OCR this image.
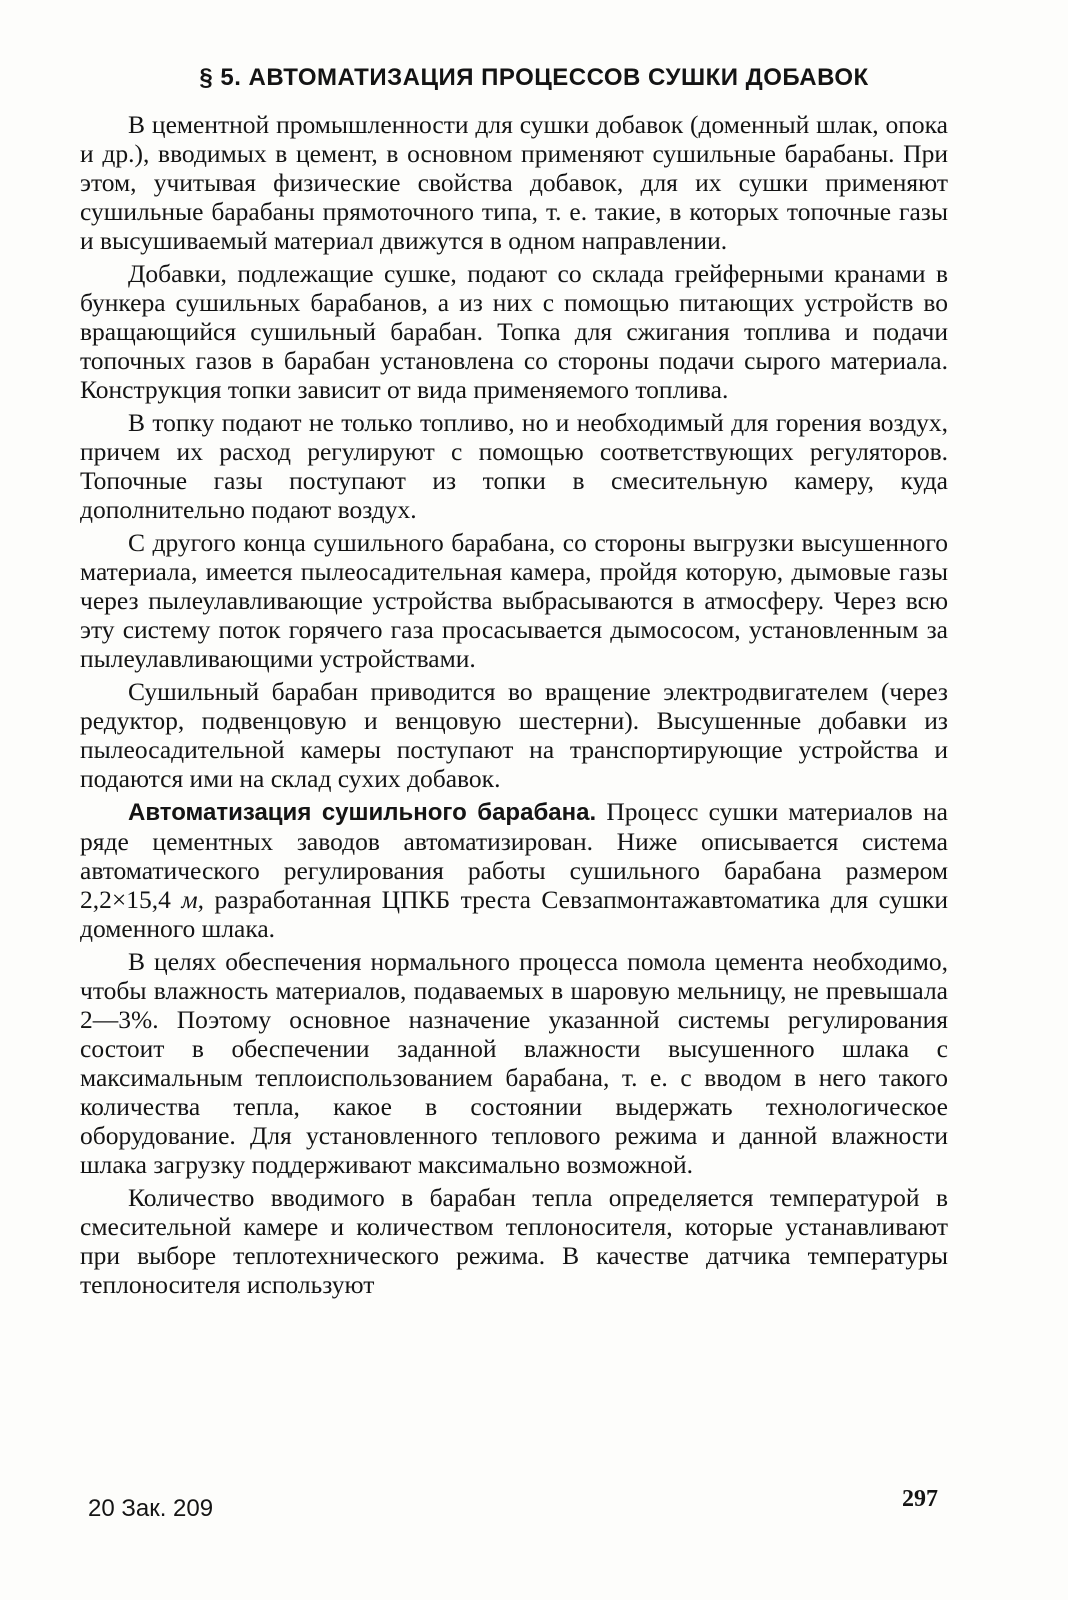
§ 5. АВТОМАТИЗАЦИЯ ПРОЦЕССОВ СУШКИ ДОБАВОК

В цементной промышленности для сушки добавок (доменный шлак, опока и др.), вводимых в цемент, в основном применяют сушильные барабаны. При этом, учитывая физические свойства добавок, для их сушки применяют сушильные барабаны прямоточного типа, т. е. такие, в которых топочные газы и высушиваемый материал движутся в одном направлении.

Добавки, подлежащие сушке, подают со склада грейферными кранами в бункера сушильных барабанов, а из них с помощью питающих устройств во вращающийся сушильный барабан. Топка для сжигания топлива и подачи топочных газов в барабан установлена со стороны подачи сырого материала. Конструкция топки зависит от вида применяемого топлива.

В топку подают не только топливо, но и необходимый для горения воздух, причем их расход регулируют с помощью соответствующих регуляторов. Топочные газы поступают из топки в смесительную камеру, куда дополнительно подают воздух.

С другого конца сушильного барабана, со стороны выгрузки высушенного материала, имеется пылеосадительная камера, пройдя которую, дымовые газы через пылеулавливающие устройства выбрасываются в атмосферу. Через всю эту систему поток горячего газа просасывается дымососом, установленным за пылеулавливающими устройствами.

Сушильный барабан приводится во вращение электродвигателем (через редуктор, подвенцовую и венцовую шестерни). Высушенные добавки из пылеосадительной камеры поступают на транспортирующие устройства и подаются ими на склад сухих добавок.

Автоматизация сушильного барабана. Процесс сушки материалов на ряде цементных заводов автоматизирован. Ниже описывается система автоматического регулирования работы сушильного барабана размером 2,2×15,4 м, разработанная ЦПКБ треста Севзапмонтажавтоматика для сушки доменного шлака.

В целях обеспечения нормального процесса помола цемента необходимо, чтобы влажность материалов, подаваемых в шаровую мельницу, не превышала 2—3%. Поэтому основное назначение указанной системы регулирования состоит в обеспечении заданной влажности высушенного шлака с максимальным теплоиспользованием барабана, т. е. с вводом в него такого количества тепла, какое в состоянии выдержать технологическое оборудование. Для установленного теплового режима и данной влажности шлака загрузку поддерживают максимально возможной.

Количество вводимого в барабан тепла определяется температурой в смесительной камере и количеством теплоносителя, которые устанавливают при выборе теплотехнического режима. В качестве датчика температуры теплоносителя используют

20 Зак. 209	297
